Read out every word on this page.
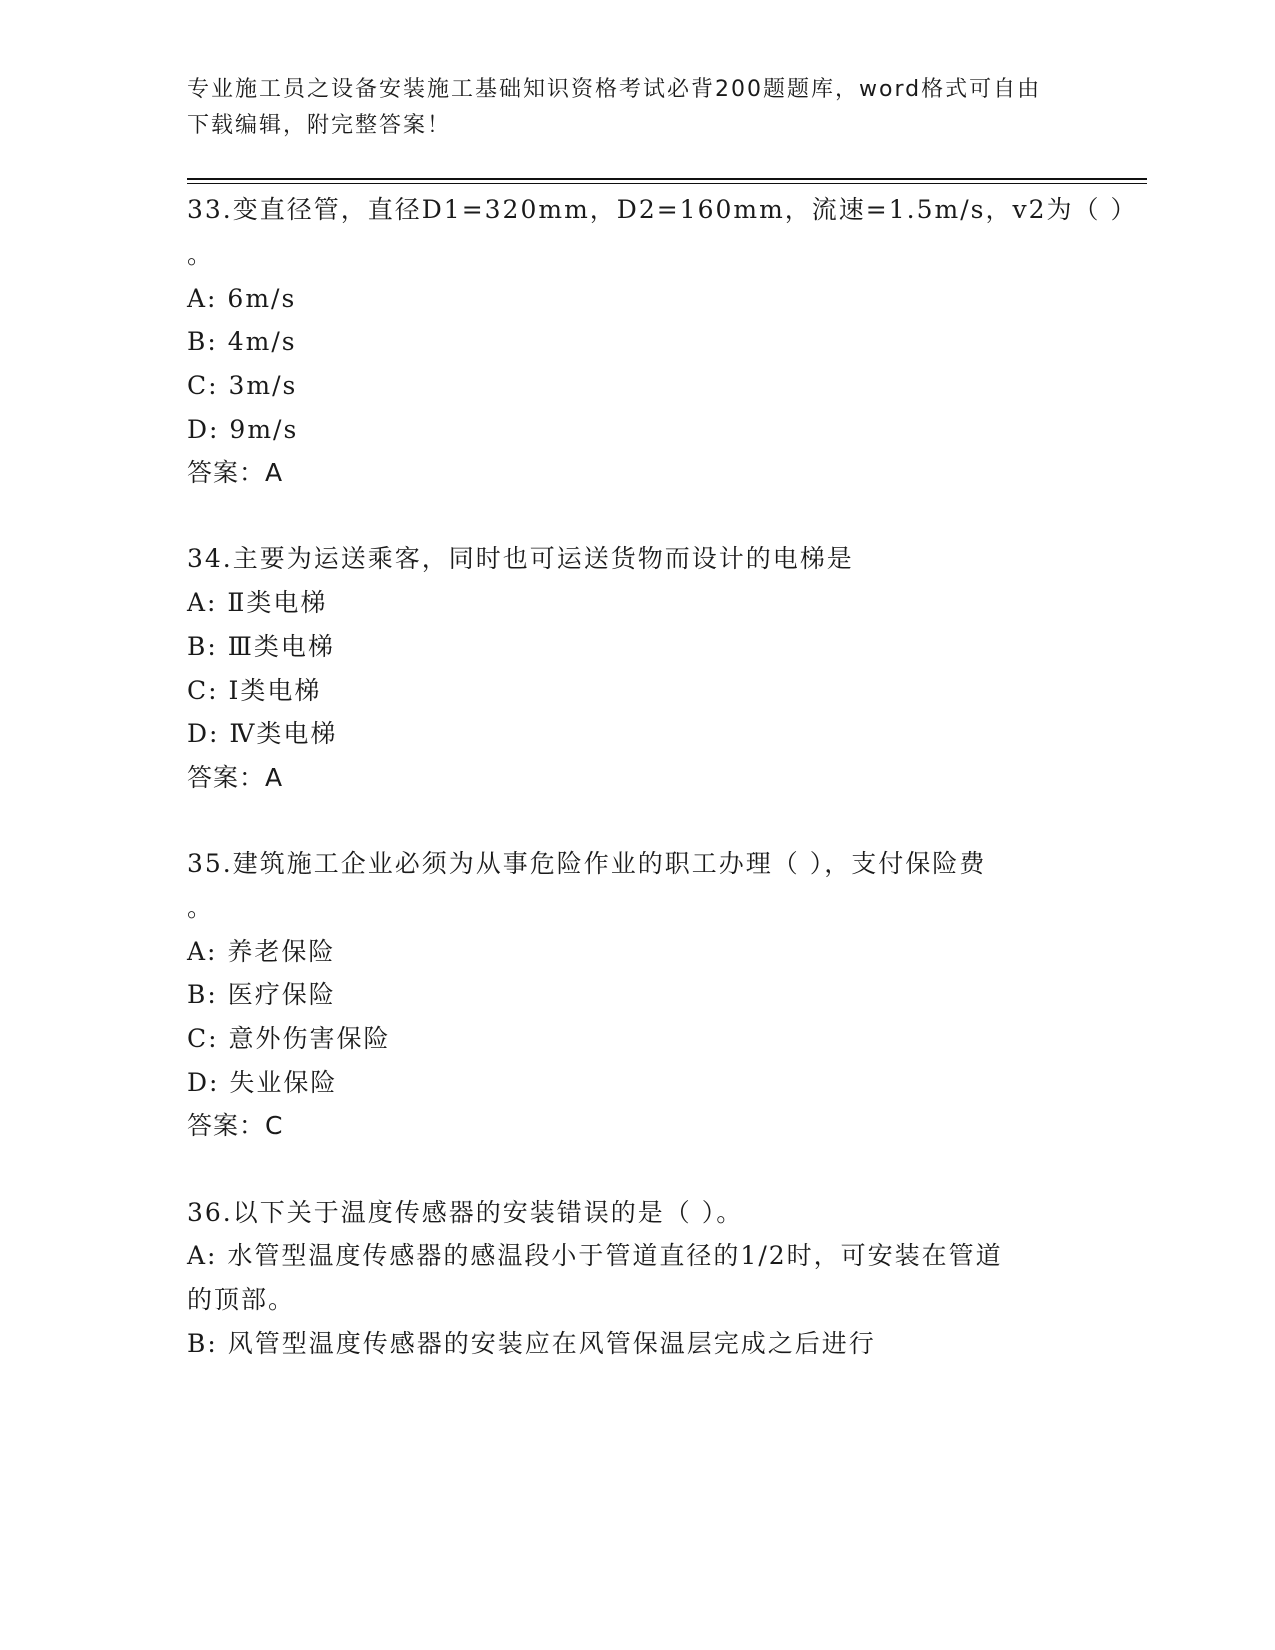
专业施工员之设备安装施工基础知识资格考试必背200题题库，word格式可自由
下载编辑，附完整答案！
33.变直径管，直径D1=320mm，D2=160mm，流速=1.5m/s，v2为（ ）
。
A: 6m/s
B: 4m/s
C: 3m/s
D: 9m/s
答案：A
34.主要为运送乘客，同时也可运送货物而设计的电梯是
A: Ⅱ类电梯
B: Ⅲ类电梯
C: Ⅰ类电梯
D: Ⅳ类电梯
答案：A
35.建筑施工企业必须为从事危险作业的职工办理（ ），支付保险费
。
A: 养老保险
B: 医疗保险
C: 意外伤害保险
D: 失业保险
答案：C
36.以下关于温度传感器的安装错误的是（ ）。
A: 水管型温度传感器的感温段小于管道直径的1/2时，可安装在管道
的顶部。
B: 风管型温度传感器的安装应在风管保温层完成之后进行
